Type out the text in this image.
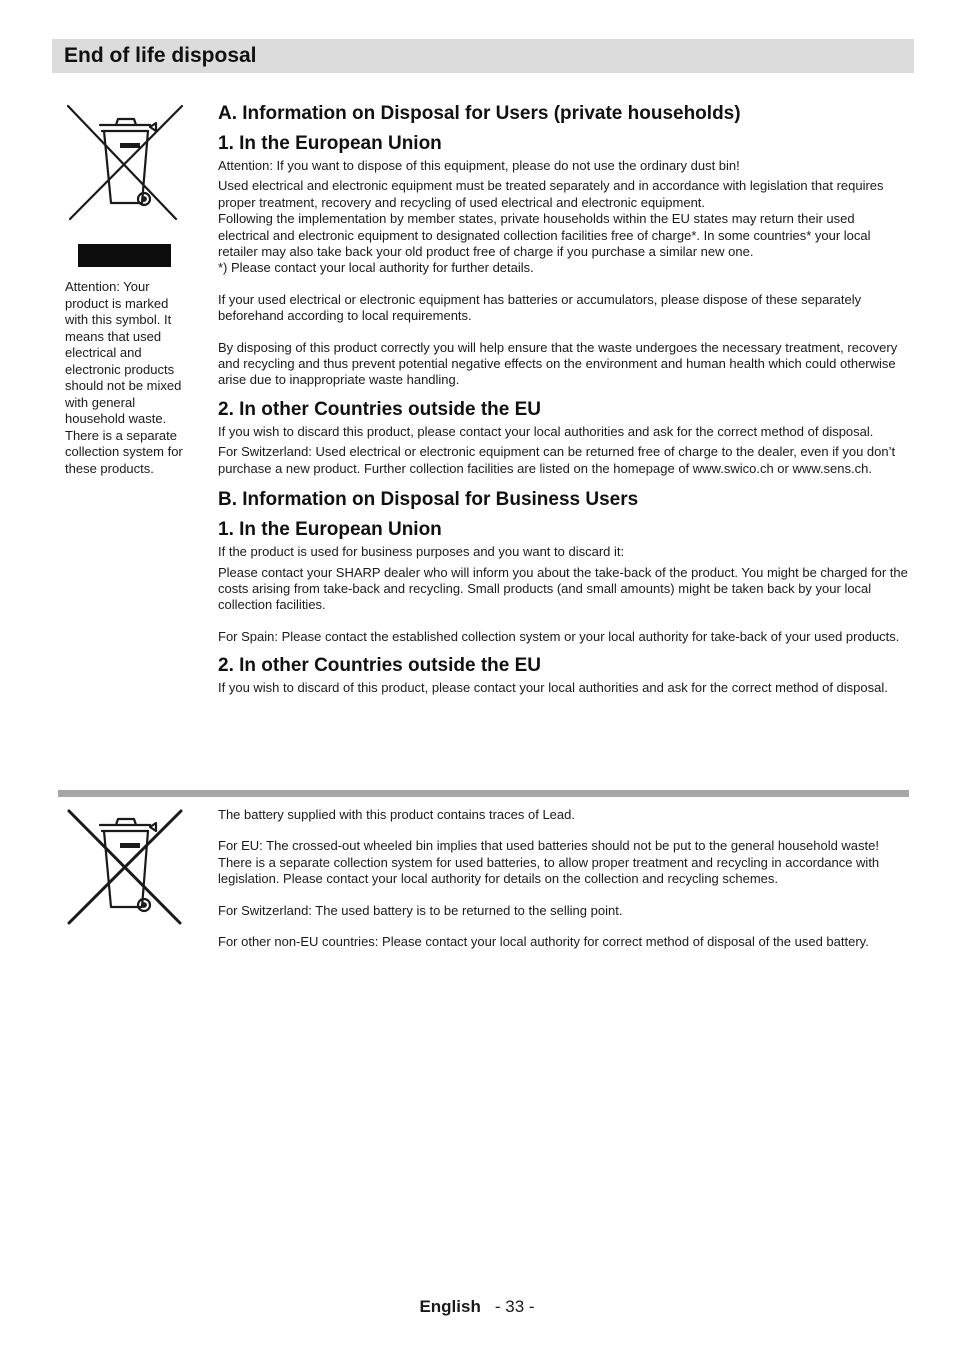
End of life disposal

Attention: Your product is marked with this symbol. It means that used electrical and electronic products should not be mixed with general household waste. There is a separate collection system for these products.

A. Information on Disposal for Users (private households)
1. In the European Union

Attention: If you want to dispose of this equipment, please do not use the ordinary dust bin!

Used electrical and electronic equipment must be treated separately and in accordance with legislation that requires proper treatment, recovery and recycling of used electrical and electronic equipment.

Following the implementation by member states, private households within the EU states may return their used electrical and electronic equipment to designated collection facilities free of charge*. In some countries* your local retailer may also take back your old product free of charge if you purchase a similar new one.

*) Please contact your local authority for further details.

If your used electrical or electronic equipment has batteries or accumulators, please dispose of these separately beforehand according to local requirements.

By disposing of this product correctly you will help ensure that the waste undergoes the necessary treatment, recovery and recycling and thus prevent potential negative effects on the environment and human health which could otherwise arise due to inappropriate waste handling.

2. In other Countries outside the EU

If you wish to discard this product, please contact your local authorities and ask for the correct method of disposal.

For Switzerland: Used electrical or electronic equipment can be returned free of charge to the dealer, even if you don’t purchase a new product. Further collection facilities are listed on the homepage of www.swico.ch or www.sens.ch.

B. Information on Disposal for Business Users
1. In the European Union

If the product is used for business purposes and you want to discard it:

Please contact your SHARP dealer who will inform you about the take-back of the product. You might be charged for the costs arising from take-back and recycling. Small products (and small amounts) might be taken back by your local collection facilities.

For Spain: Please contact the established collection system or your local authority for take-back of your used products.

2. In other Countries outside the EU

If you wish to discard of this product, please contact your local authorities and ask for the correct method of disposal.

The battery supplied with this product contains traces of Lead.

For EU: The crossed-out wheeled bin implies that used batteries should not be put to the general household waste! There is a separate collection system for used batteries, to allow proper treatment and recycling in accordance with legislation. Please contact your local authority for details on the collection and recycling schemes.

For Switzerland: The used battery is to be returned to the selling point.

For other non-EU countries: Please contact your local authority for correct method of disposal of the used battery.

English - 33 -
